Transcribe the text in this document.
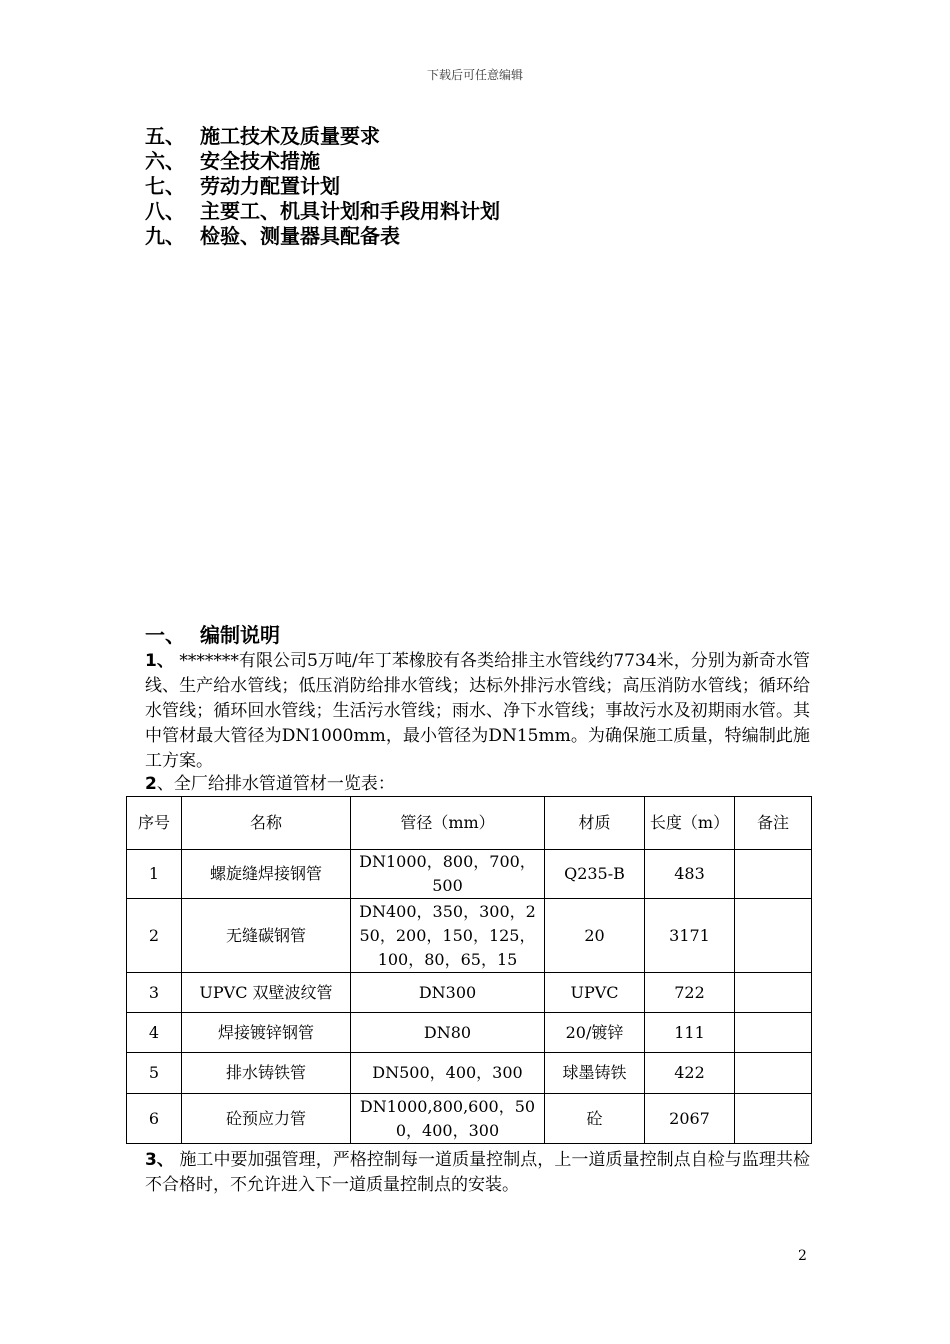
下载后可任意编辑
五、 施工技术及质量要求
六、 安全技术措施
七、 劳动力配置计划
八、 主要工、机具计划和手段用料计划
九、 检验、测量器具配备表
一、 编制说明
1、 *******有限公司5万吨/年丁苯橡胶有各类给排主水管线约7734米，分别为新奇水管线、生产给水管线；低压消防给排水管线；达标外排污水管线；高压消防水管线；循环给水管线；循环回水管线；生活污水管线；雨水、净下水管线；事故污水及初期雨水管。其中管材最大管径为DN1000mm，最小管径为DN15mm。为确保施工质量，特编制此施工方案。
2、全厂给排水管道管材一览表：
序号	名称	管径（mm）	材质	长度（m）	备注
1	螺旋缝焊接钢管	DN1000，800，700，500	Q235-B	483	
2	无缝碳钢管	DN400，350，300，250，200，150，125，100，80，65，15	20	3171	
3	UPVC 双壁波纹管	DN300	UPVC	722	
4	焊接镀锌钢管	DN80	20/镀锌	111	
5	排水铸铁管	DN500，400，300	球墨铸铁	422	
6	砼预应力管	DN1000,800,600，500，400，300	砼	2067	
3、 施工中要加强管理，严格控制每一道质量控制点，上一道质量控制点自检与监理共检不合格时，不允许进入下一道质量控制点的安装。
2
